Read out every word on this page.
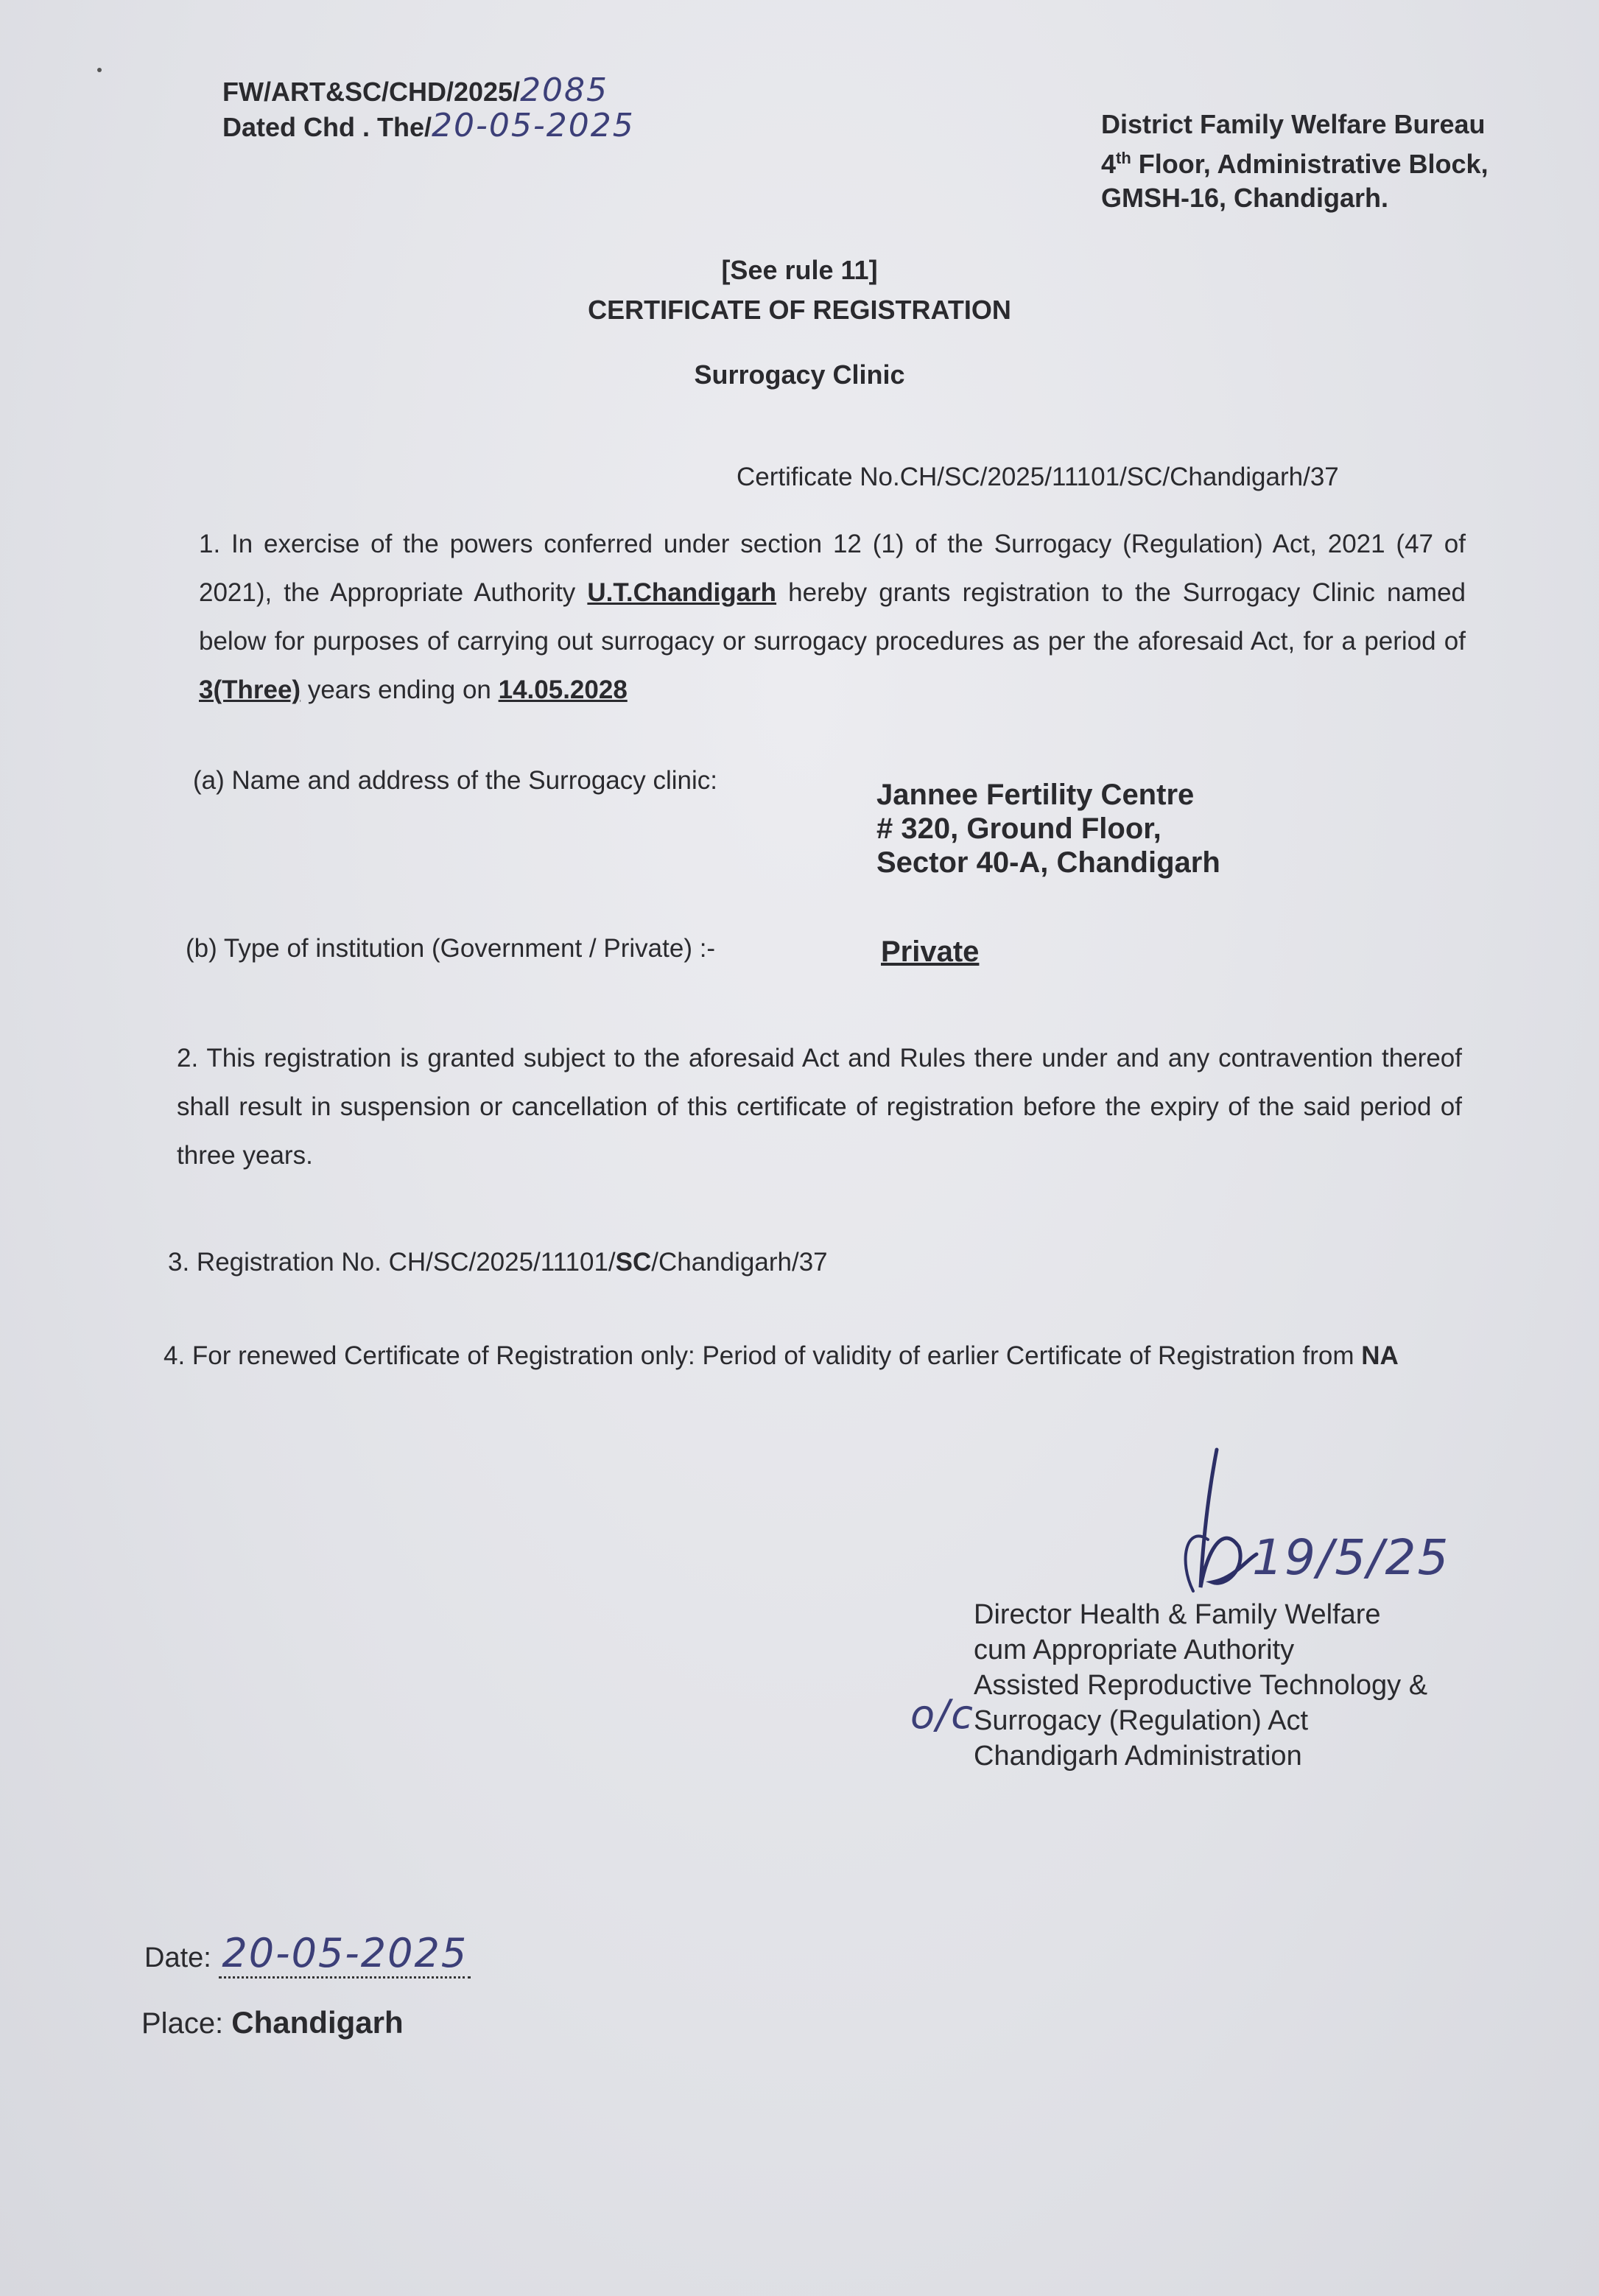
FW/ART&SC/CHD/2025/2085
Dated Chd . The/20-05-2025	District Family Welfare Bureau
4th Floor, Administrative Block,
GMSH-16, Chandigarh.
[See rule 11]
CERTIFICATE OF REGISTRATION
Surrogacy Clinic
Certificate No.CH/SC/2025/11101/SC/Chandigarh/37
1. In exercise of the powers conferred under section 12 (1) of the Surrogacy (Regulation) Act, 2021 (47 of 2021), the Appropriate Authority U.T.Chandigarh hereby grants registration to the Surrogacy Clinic named below for purposes of carrying out surrogacy or surrogacy procedures as per the aforesaid Act, for a period of 3(Three) years ending on 14.05.2028
(a) Name and address of the Surrogacy clinic:	Jannee Fertility Centre
# 320, Ground Floor,
Sector 40-A, Chandigarh
(b) Type of institution (Government / Private) :-	Private
2. This registration is granted subject to the aforesaid Act and Rules there under and any contravention thereof shall result in suspension or cancellation of this certificate of registration before the expiry of the said period of three years.
3. Registration No. CH/SC/2025/11101/SC/Chandigarh/37
4. For renewed Certificate of Registration only: Period of validity of earlier Certificate of Registration from NA
19/5/25
o/c
Director Health & Family Welfare
cum Appropriate Authority
Assisted Reproductive Technology &
Surrogacy (Regulation) Act
Chandigarh Administration
Date: 20-05-2025
Place: Chandigarh
